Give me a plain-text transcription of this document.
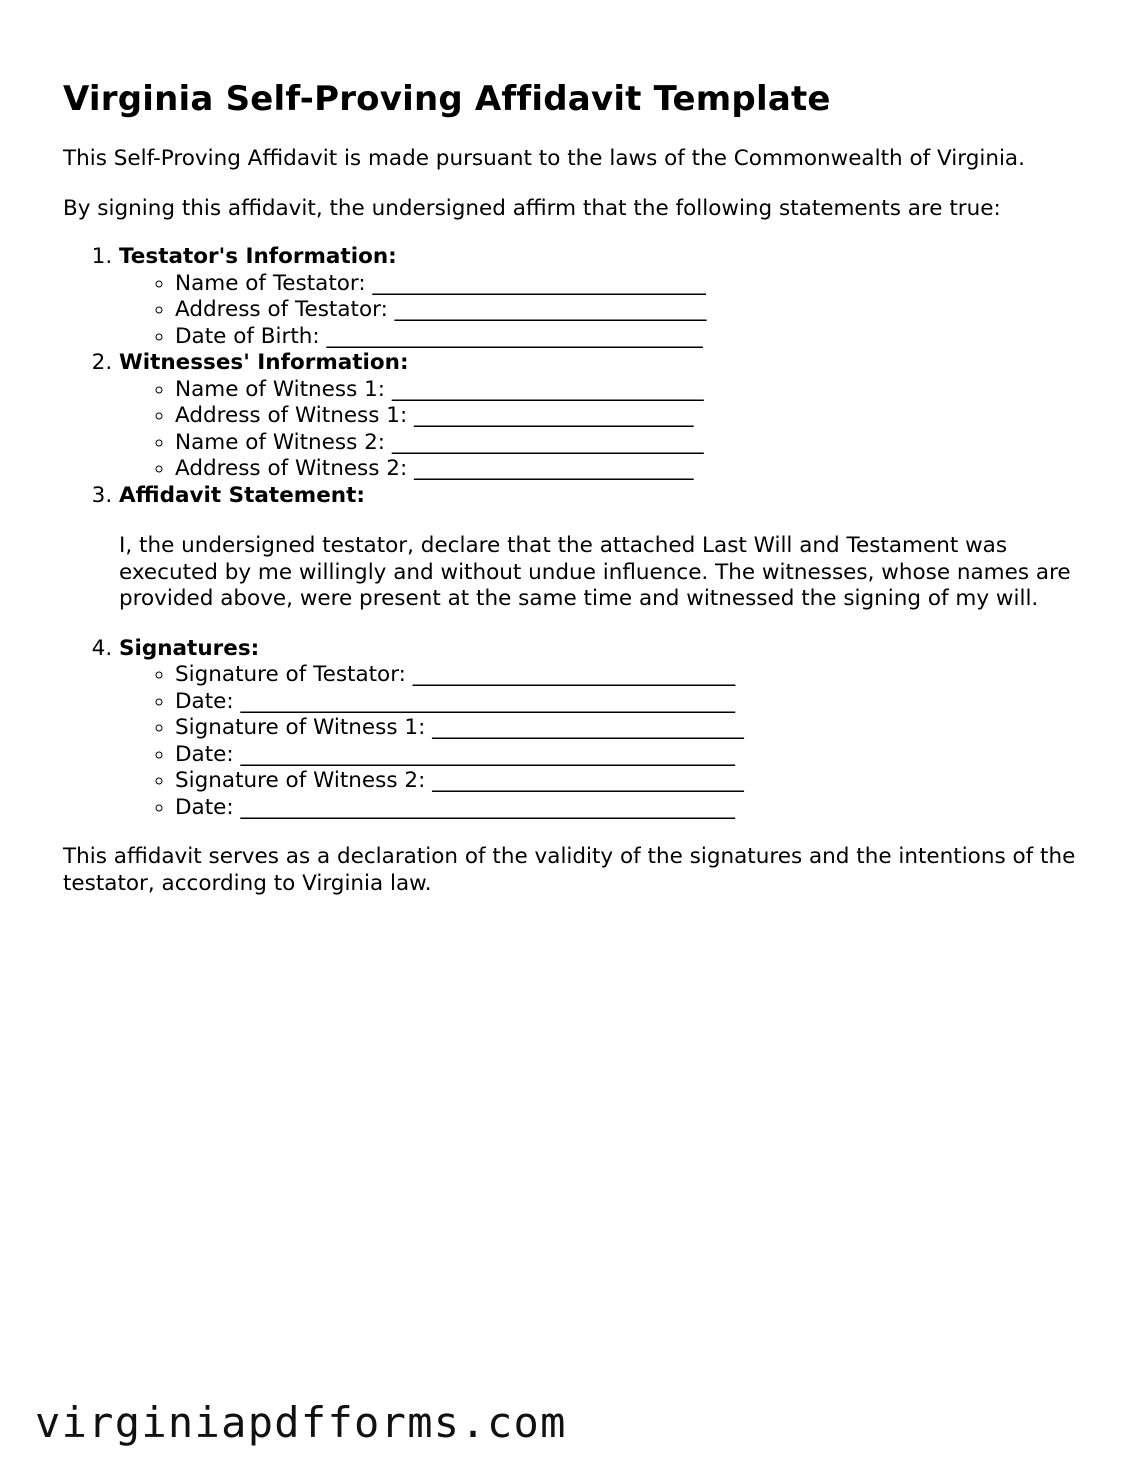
Virginia Self-Proving Affidavit Template

This Self-Proving Affidavit is made pursuant to the laws of the Commonwealth of Virginia.

By signing this affidavit, the undersigned affirm that the following statements are true:

1. Testator's Information:
◦ Name of Testator: _______________________________
◦ Address of Testator: _____________________________
◦ Date of Birth: ___________________________________
2. Witnesses' Information:
◦ Name of Witness 1: _____________________________
◦ Address of Witness 1: __________________________
◦ Name of Witness 2: _____________________________
◦ Address of Witness 2: __________________________
3. Affidavit Statement:

I, the undersigned testator, declare that the attached Last Will and Testament was executed by me willingly and without undue influence. The witnesses, whose names are provided above, were present at the same time and witnessed the signing of my will.

4. Signatures:
◦ Signature of Testator: ______________________________
◦ Date: ______________________________________________
◦ Signature of Witness 1: _____________________________
◦ Date: ______________________________________________
◦ Signature of Witness 2: _____________________________
◦ Date: ______________________________________________

This affidavit serves as a declaration of the validity of the signatures and the intentions of the testator, according to Virginia law.

virginiapdfforms.com
